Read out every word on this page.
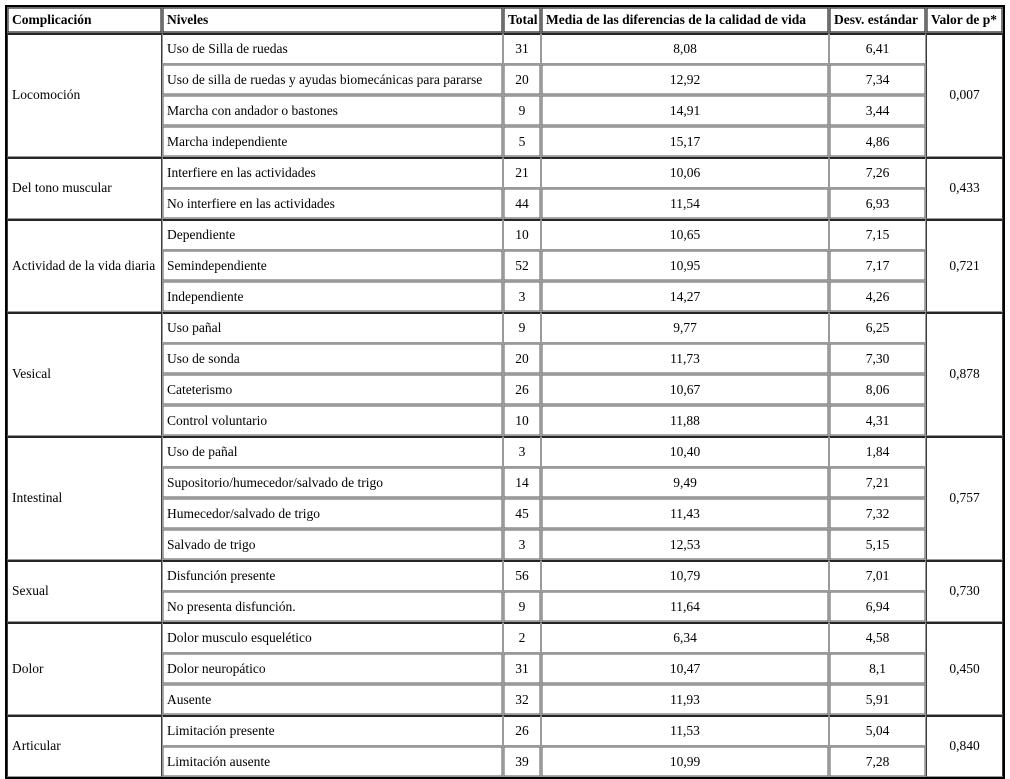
Complicación	Niveles	Total	Media de las diferencias de la calidad de vida	Desv. estándar	Valor de p*
Locomoción	Uso de Silla de ruedas	31	8,08	6,41	0,007
	Uso de silla de ruedas y ayudas biomecánicas para pararse	20	12,92	7,34	
	Marcha con andador o bastones	9	14,91	3,44	
	Marcha independiente	5	15,17	4,86	
Del tono muscular	Interfiere en las actividades	21	10,06	7,26	0,433
	No interfiere en las actividades	44	11,54	6,93	
Actividad de la vida diaria	Dependiente	10	10,65	7,15	0,721
	Semindependiente	52	10,95	7,17	
	Independiente	3	14,27	4,26	
Vesical	Uso pañal	9	9,77	6,25	0,878
	Uso de sonda	20	11,73	7,30	
	Cateterismo	26	10,67	8,06	
	Control voluntario	10	11,88	4,31	
Intestinal	Uso de pañal	3	10,40	1,84	0,757
	Supositorio/humecedor/salvado de trigo	14	9,49	7,21	
	Humecedor/salvado de trigo	45	11,43	7,32	
	Salvado de trigo	3	12,53	5,15	
Sexual	Disfunción presente	56	10,79	7,01	0,730
	No presenta disfunción.	9	11,64	6,94	
Dolor	Dolor musculo esquelético	2	6,34	4,58	0,450
	Dolor neuropático	31	10,47	8,1	
	Ausente	32	11,93	5,91	
Articular	Limitación presente	26	11,53	5,04	0,840
	Limitación ausente	39	10,99	7,28	
